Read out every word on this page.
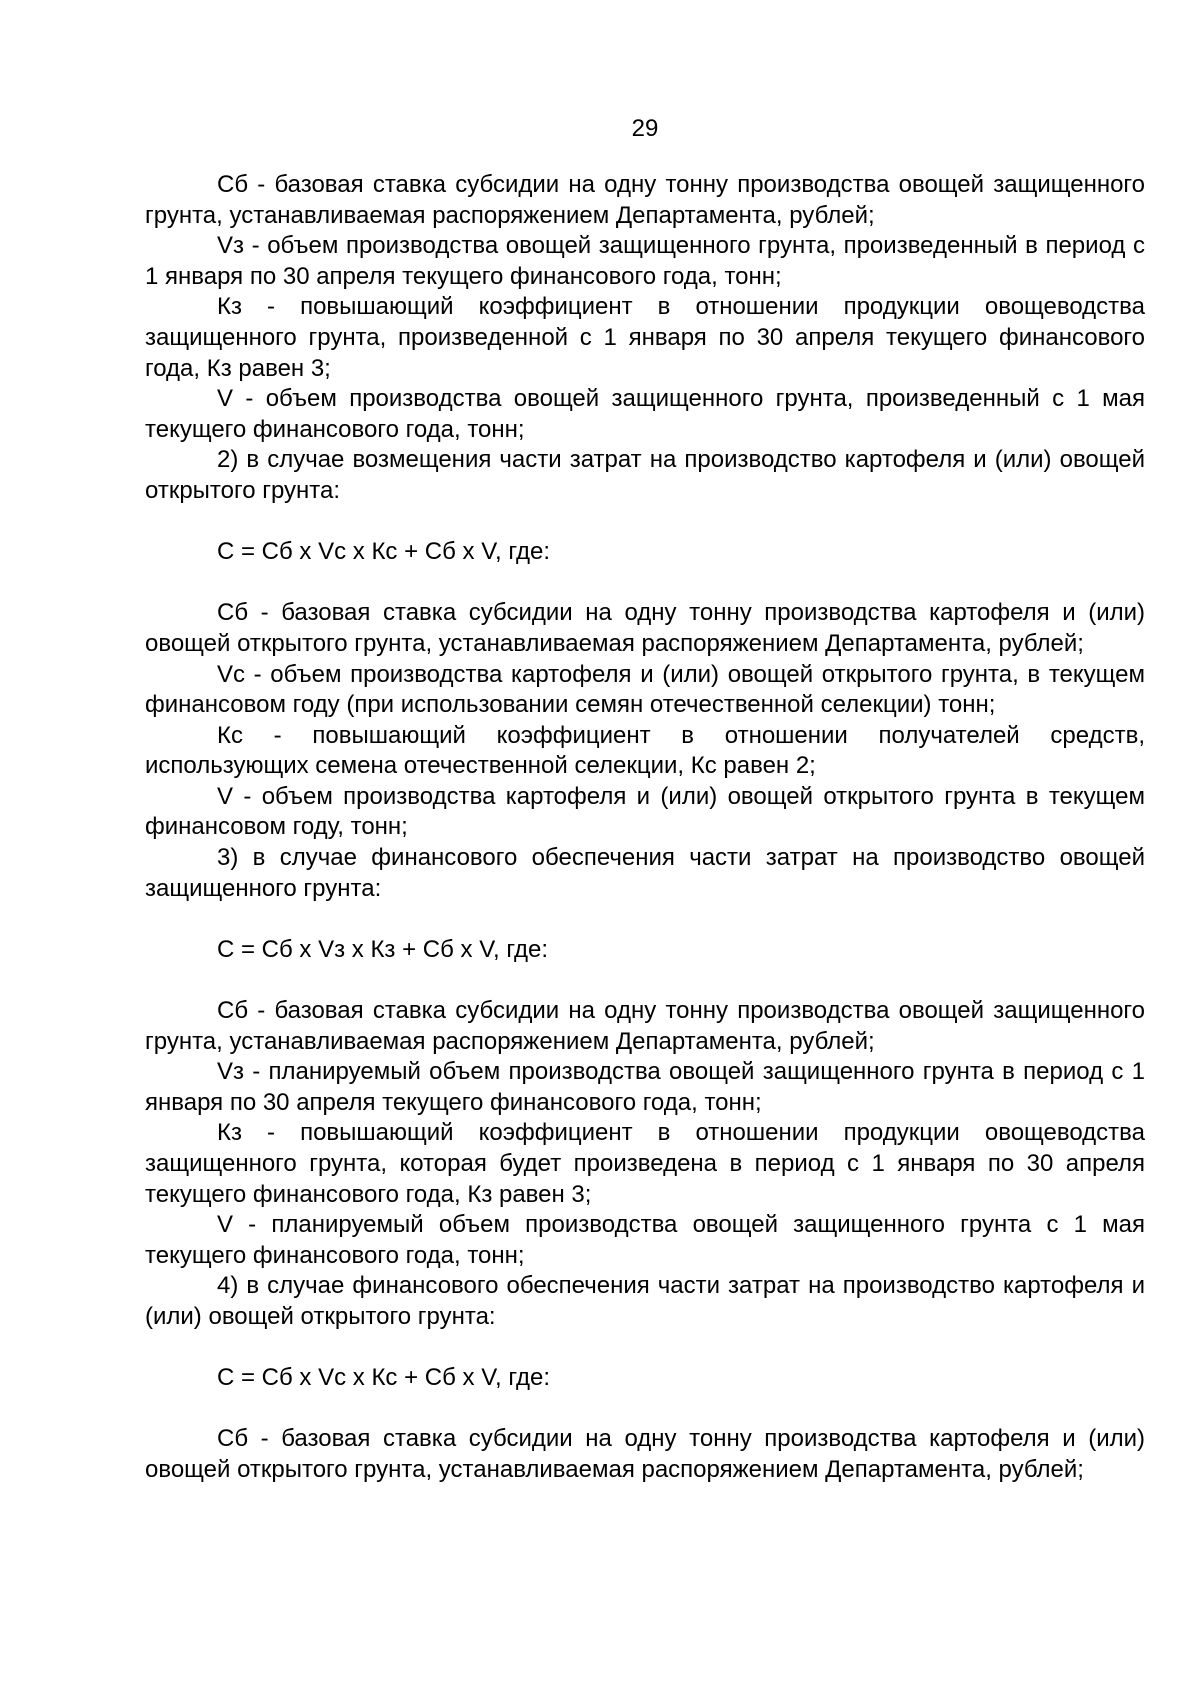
29

Сб - базовая ставка субсидии на одну тонну производства овощей защищенного грунта, устанавливаемая распоряжением Департамента, рублей;

Vз - объем производства овощей защищенного грунта, произведенный в период с 1 января по 30 апреля текущего финансового года, тонн;

Кз - повышающий коэффициент в отношении продукции овощеводства защищенного грунта, произведенной с 1 января по 30 апреля текущего финансового года, Кз равен 3;

V - объем производства овощей защищенного грунта, произведенный с 1 мая текущего финансового года, тонн;

2) в случае возмещения части затрат на производство картофеля и (или) овощей открытого грунта:

С = Сб x Vс x Кс + Сб x V, где:

Сб - базовая ставка субсидии на одну тонну производства картофеля и (или) овощей открытого грунта, устанавливаемая распоряжением Департамента, рублей;

Vс - объем производства картофеля и (или) овощей открытого грунта, в текущем финансовом году (при использовании семян отечественной селекции) тонн;

Кс - повышающий коэффициент в отношении получателей средств, использующих семена отечественной селекции, Кс равен 2;

V - объем производства картофеля и (или) овощей открытого грунта в текущем финансовом году, тонн;

3) в случае финансового обеспечения части затрат на производство овощей защищенного грунта:

С = Сб x Vз x Кз + Сб x V, где:

Сб - базовая ставка субсидии на одну тонну производства овощей защищенного грунта, устанавливаемая распоряжением Департамента, рублей;

Vз - планируемый объем производства овощей защищенного грунта в период с 1 января по 30 апреля текущего финансового года, тонн;

Кз - повышающий коэффициент в отношении продукции овощеводства защищенного грунта, которая будет произведена в период с 1 января по 30 апреля текущего финансового года, Кз равен 3;

V - планируемый объем производства овощей защищенного грунта с 1 мая текущего финансового года, тонн;

4) в случае финансового обеспечения части затрат на производство картофеля и (или) овощей открытого грунта:

С = Сб x Vс x Кс + Сб x V, где:

Сб - базовая ставка субсидии на одну тонну производства картофеля и (или) овощей открытого грунта, устанавливаемая распоряжением Департамента, рублей;
